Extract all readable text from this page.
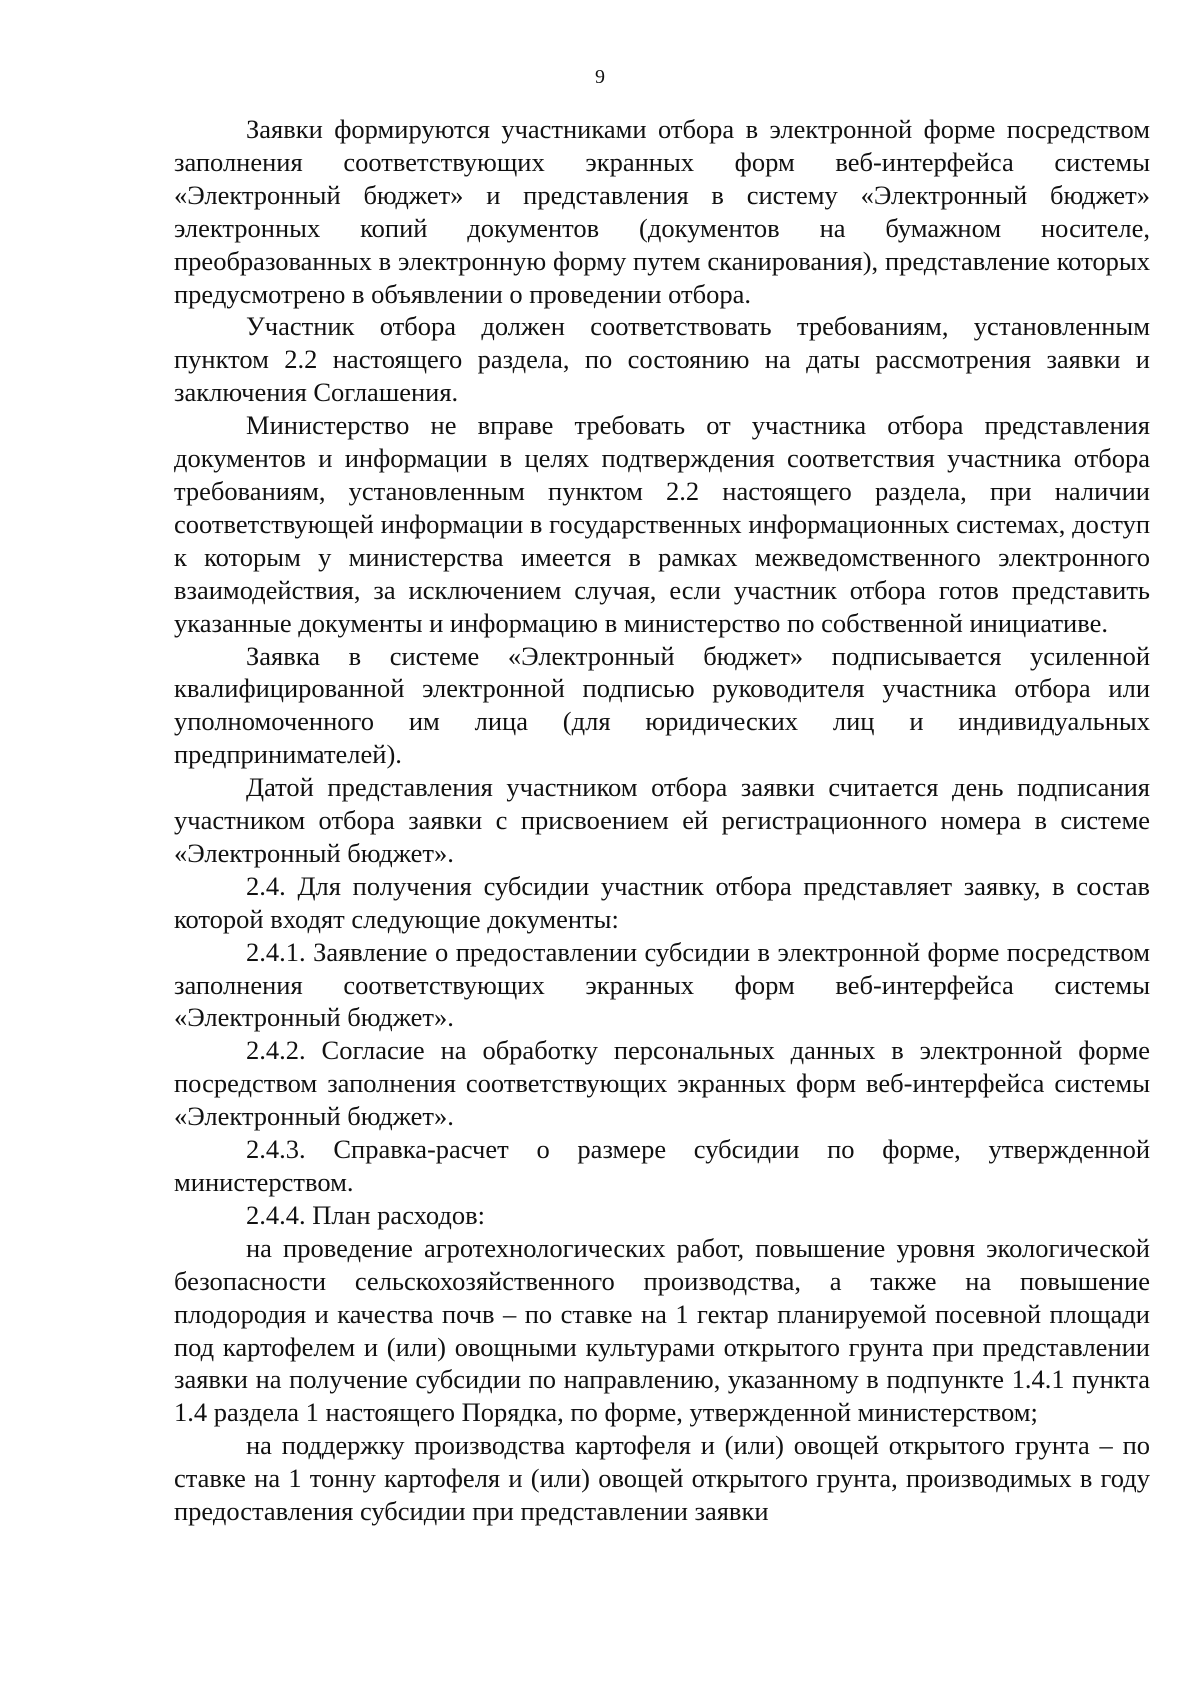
9

Заявки формируются участниками отбора в электронной форме посредством заполнения соответствующих экранных форм веб-интерфейса системы «Электронный бюджет» и представления в систему «Электронный бюджет» электронных копий документов (документов на бумажном носителе, преобразованных в электронную форму путем сканирования), представление которых предусмотрено в объявлении о проведении отбора.

Участник отбора должен соответствовать требованиям, установленным пунктом 2.2 настоящего раздела, по состоянию на даты рассмотрения заявки и заключения Соглашения.

Министерство не вправе требовать от участника отбора представления документов и информации в целях подтверждения соответствия участника отбора требованиям, установленным пунктом 2.2 настоящего раздела, при наличии соответствующей информации в государственных информационных системах, доступ к которым у министерства имеется в рамках межведомственного электронного взаимодействия, за исключением случая, если участник отбора готов представить указанные документы и информацию в министерство по собственной инициативе.

Заявка в системе «Электронный бюджет» подписывается усиленной квалифицированной электронной подписью руководителя участника отбора или уполномоченного им лица (для юридических лиц и индивидуальных предпринимателей).

Датой представления участником отбора заявки считается день подписания участником отбора заявки с присвоением ей регистрационного номера в системе «Электронный бюджет».

2.4. Для получения субсидии участник отбора представляет заявку, в состав которой входят следующие документы:

2.4.1. Заявление о предоставлении субсидии в электронной форме посредством заполнения соответствующих экранных форм веб-интерфейса системы «Электронный бюджет».

2.4.2. Согласие на обработку персональных данных в электронной форме посредством заполнения соответствующих экранных форм веб-интерфейса системы «Электронный бюджет».

2.4.3. Справка-расчет о размере субсидии по форме, утвержденной министерством.

2.4.4. План расходов:

на проведение агротехнологических работ, повышение уровня экологической безопасности сельскохозяйственного производства, а также на повышение плодородия и качества почв – по ставке на 1 гектар планируемой посевной площади под картофелем и (или) овощными культурами открытого грунта при представлении заявки на получение субсидии по направлению, указанному в подпункте 1.4.1 пункта 1.4 раздела 1 настоящего Порядка, по форме, утвержденной министерством;

на поддержку производства картофеля и (или) овощей открытого грунта – по ставке на 1 тонну картофеля и (или) овощей открытого грунта, производимых в году предоставления субсидии при представлении заявки
